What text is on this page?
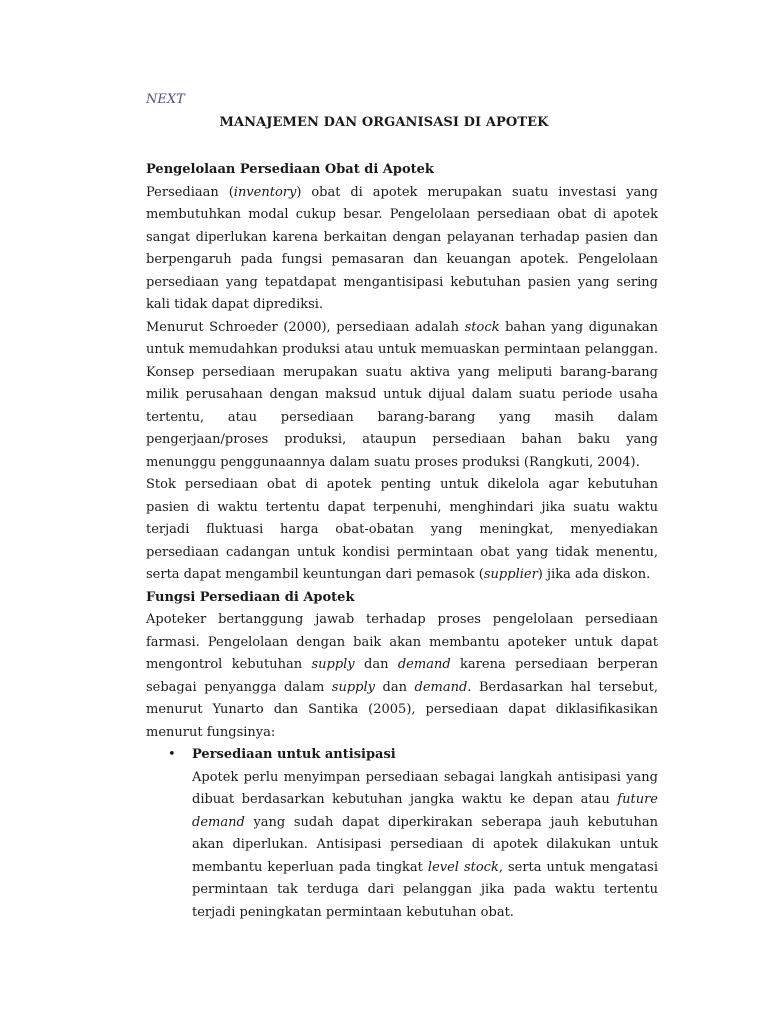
NEXT
MANAJEMEN DAN ORGANISASI DI APOTEK

Pengelolaan Persediaan Obat di Apotek

Persediaan (inventory) obat di apotek merupakan suatu investasi yang membutuhkan modal cukup besar. Pengelolaan persediaan obat di apotek sangat diperlukan karena berkaitan dengan pelayanan terhadap pasien dan berpengaruh pada fungsi pemasaran dan keuangan apotek. Pengelolaan persediaan yang tepatdapat mengantisipasi kebutuhan pasien yang sering kali tidak dapat diprediksi.

Menurut Schroeder (2000), persediaan adalah stock bahan yang digunakan untuk memudahkan produksi atau untuk memuaskan permintaan pelanggan. Konsep persediaan merupakan suatu aktiva yang meliputi barang-barang milik perusahaan dengan maksud untuk dijual dalam suatu periode usaha tertentu, atau persediaan barang-barang yang masih dalam pengerjaan/proses produksi, ataupun persediaan bahan baku yang menunggu penggunaannya dalam suatu proses produksi (Rangkuti, 2004).

Stok persediaan obat di apotek penting untuk dikelola agar kebutuhan pasien di waktu tertentu dapat terpenuhi, menghindari jika suatu waktu terjadi fluktuasi harga obat-obatan yang meningkat, menyediakan persediaan cadangan untuk kondisi permintaan obat yang tidak menentu, serta dapat mengambil keuntungan dari pemasok (supplier) jika ada diskon.

Fungsi Persediaan di Apotek

Apoteker bertanggung jawab terhadap proses pengelolaan persediaan farmasi. Pengelolaan dengan baik akan membantu apoteker untuk dapat mengontrol kebutuhan supply dan demand karena persediaan berperan sebagai penyangga dalam supply dan demand. Berdasarkan hal tersebut, menurut Yunarto dan Santika (2005), persediaan dapat diklasifikasikan menurut fungsinya:

• Persediaan untuk antisipasi

Apotek perlu menyimpan persediaan sebagai langkah antisipasi yang dibuat berdasarkan kebutuhan jangka waktu ke depan atau future demand yang sudah dapat diperkirakan seberapa jauh kebutuhan akan diperlukan. Antisipasi persediaan di apotek dilakukan untuk membantu keperluan pada tingkat level stock, serta untuk mengatasi permintaan tak terduga dari pelanggan jika pada waktu tertentu terjadi peningkatan permintaan kebutuhan obat.
